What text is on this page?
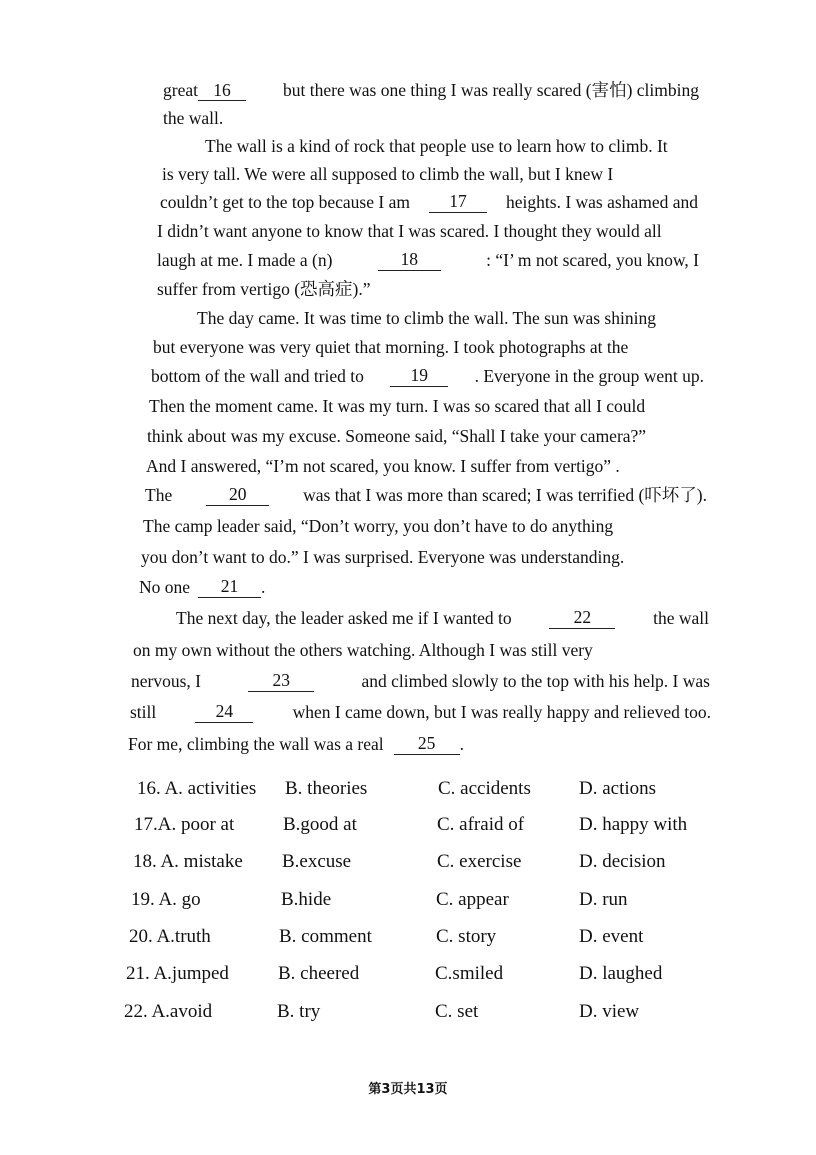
great 16	but there was one thing I was really scared (害怕) climbing
the wall.
The wall is a kind of rock that people use to learn how to climb. It
is very tall. We were all supposed to climb the wall, but I knew I
couldn’t get to the top because I am	17	heights. I was ashamed and
I didn’t want anyone to know that I was scared. I thought they would all
laugh at me. I made a (n)	18	: “I’ m not scared, you know, I
suffer from vertigo (恐高症).”
The day came. It was time to climb the wall. The sun was shining
but everyone was very quiet that morning. I took photographs at the
bottom of the wall and tried to	19	. Everyone in the group went up.
Then the moment came. It was my turn. I was so scared that all I could
think about was my excuse. Someone said, “Shall I take your camera?”
And I answered, “I’m not scared, you know. I suffer from vertigo” .
The	20	was that I was more than scared; I was terrified (吓坏了).
The camp leader said, “Don’t worry, you don’t have to do anything
you don’t want to do.” I was surprised. Everyone was understanding.
No one	21	.
The next day, the leader asked me if I wanted to	22	the wall
on my own without the others watching. Although I was still very
nervous, I	23	and climbed slowly to the top with his help. I was
still	24	when I came down, but I was really happy and relieved too.
For me, climbing the wall was a real	25	.
16. A. activities B. theories	C. accidents	D. actions
17.A. poor at	B.good at	C. afraid of	D. happy with
18. A. mistake B.excuse	C. exercise	D. decision
19. A. go	B.hide	C. appear	D. run
20. A.truth	B. comment	C. story	D. event
21. A.jumped	B. cheered	C.smiled	D. laughed
22. A.avoid	B. try	C. set	D. view
第3页共13页
